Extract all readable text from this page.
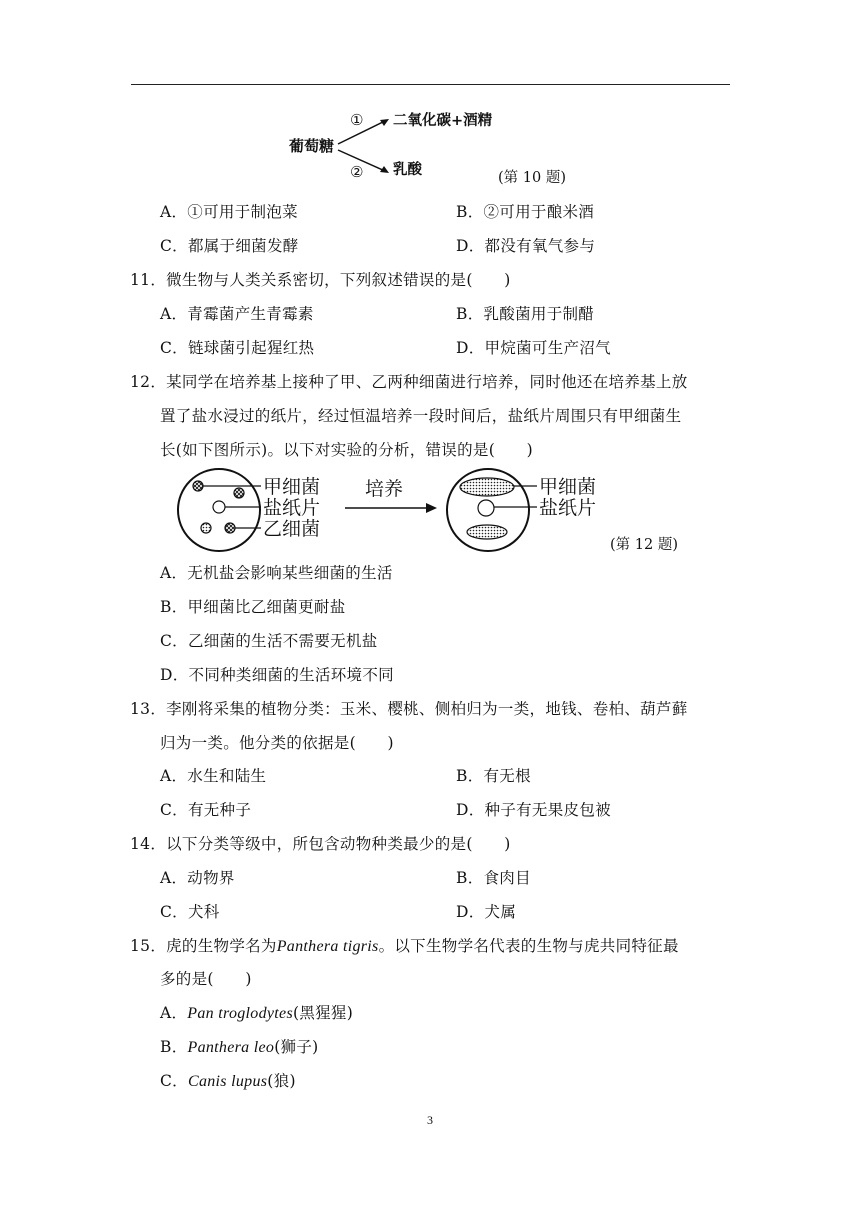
葡萄糖
①
②
二氧化碳+酒精
乳酸	(第 10 题)
A．①可用于制泡菜	B．②可用于酿米酒
C．都属于细菌发酵	D．都没有氧气参与
11．微生物与人类关系密切，下列叙述错误的是(　　)
A．青霉菌产生青霉素	B．乳酸菌用于制醋
C．链球菌引起猩红热	D．甲烷菌可生产沼气
12．某同学在培养基上接种了甲、乙两种细菌进行培养，同时他还在培养基上放
置了盐水浸过的纸片，经过恒温培养一段时间后，盐纸片周围只有甲细菌生
长(如下图所示)。以下对实验的分析，错误的是(　　)
甲细菌
盐纸片
乙细菌
培养	甲细菌
盐纸片
(第 12 题)
A．无机盐会影响某些细菌的生活
B．甲细菌比乙细菌更耐盐
C．乙细菌的生活不需要无机盐
D．不同种类细菌的生活环境不同
13．李刚将采集的植物分类：玉米、樱桃、侧柏归为一类，地钱、卷柏、葫芦藓
归为一类。他分类的依据是(　　)
A．水生和陆生	B．有无根
C．有无种子	D．种子有无果皮包被
14．以下分类等级中，所包含动物种类最少的是(　　)
A．动物界	B．食肉目
C．犬科	D．犬属
15．虎的生物学名为Panthera tigris。以下生物学名代表的生物与虎共同特征最
多的是(　　)
A．Pan troglodytes(黑猩猩)
B．Panthera leo(狮子)
C．Canis lupus(狼)
3
